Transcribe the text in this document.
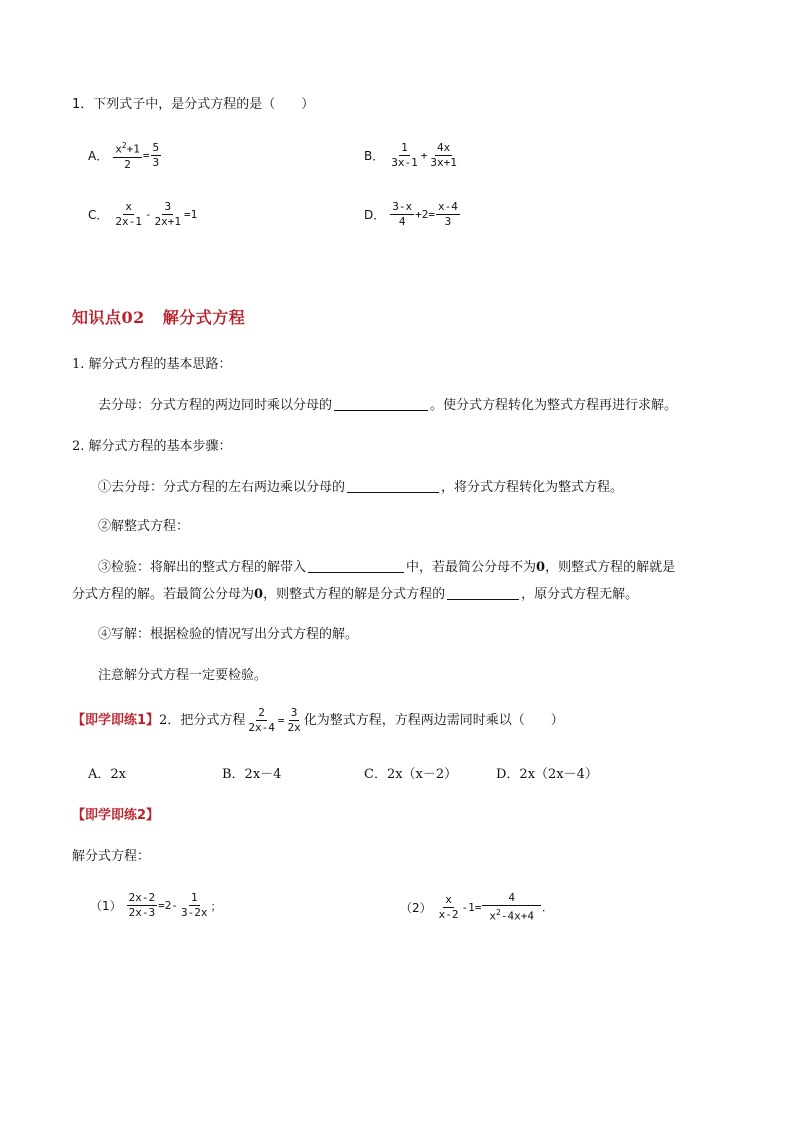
1．下列式子中，是分式方程的是（　　）
A． $\frac{x^2+1}{2} = \frac{5}{3}$	B． $\frac{1}{3x-1} + \frac{4x}{3x+1}$
C． $\frac{x}{2x-1} - \frac{3}{2x+1} =1$	D． $\frac{3-x}{4} +2= \frac{x-4}{3}$
知识点02 解分式方程
1. 解分式方程的基本思路：
去分母：分式方程的两边同时乘以分母的	。使分式方程转化为整式方程再进行求解。
2. 解分式方程的基本步骤：
①去分母：分式方程的左右两边乘以分母的	，将分式方程转化为整式方程。
②解整式方程：
③检验：将解出的整式方程的解带入	中，若最简公分母不为0，则整式方程的解就是
分式方程的解。若最简公分母为0，则整式方程的解是分式方程的	，原分式方程无解。
④写解：根据检验的情况写出分式方程的解。
注意解分式方程一定要检验。
【即学即练1】 2．把分式方程 $\frac{2}{2x-4} = \frac{3}{2x}$ 化为整式方程，方程两边需同时乘以（　　）
A．2x	B．2x－4	C．2x（x－2）	D．2x（2x－4）
【即学即练2】
解分式方程：
$(1) \frac{2x-2}{2x-3} =2- \frac{1}{3-2x}$ ；	$(2) \frac{x}{x-2} -1= \frac{4}{x^2-4x+4}$ ．
